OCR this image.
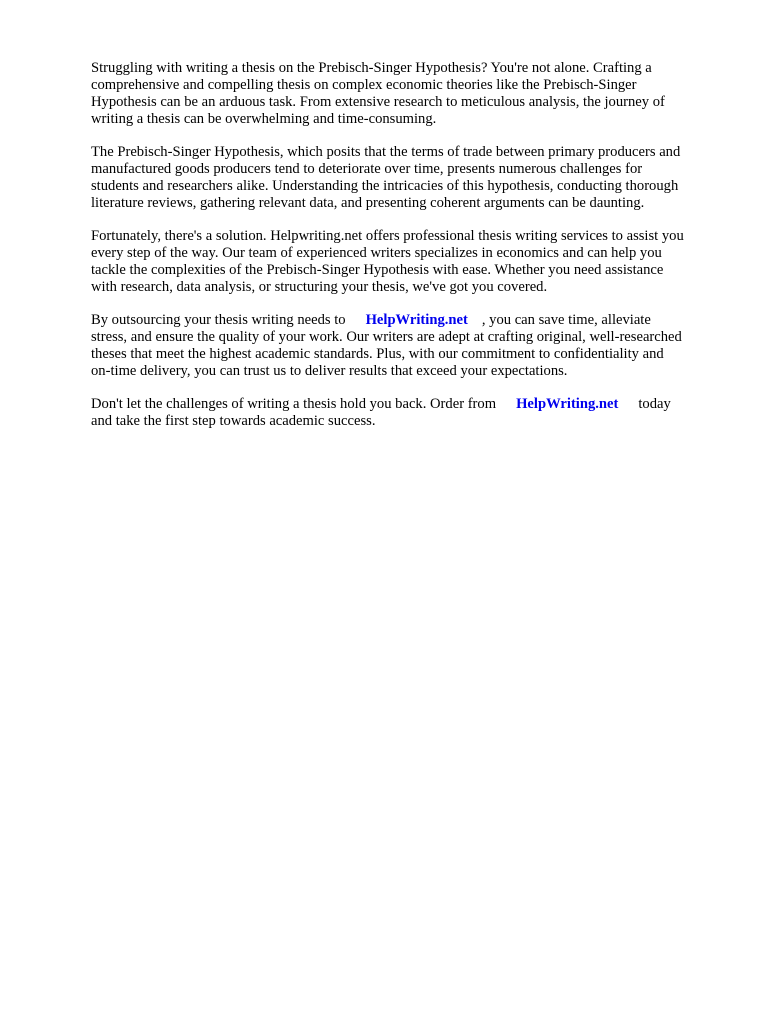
Struggling with writing a thesis on the Prebisch-Singer Hypothesis? You're not alone. Crafting a
comprehensive and compelling thesis on complex economic theories like the Prebisch-Singer
Hypothesis can be an arduous task. From extensive research to meticulous analysis, the journey of
writing a thesis can be overwhelming and time-consuming.

The Prebisch-Singer Hypothesis, which posits that the terms of trade between primary producers and
manufactured goods producers tend to deteriorate over time, presents numerous challenges for
students and researchers alike. Understanding the intricacies of this hypothesis, conducting thorough
literature reviews, gathering relevant data, and presenting coherent arguments can be daunting.

Fortunately, there's a solution. Helpwriting.net offers professional thesis writing services to assist you
every step of the way. Our team of experienced writers specializes in economics and can help you
tackle the complexities of the Prebisch-Singer Hypothesis with ease. Whether you need assistance
with research, data analysis, or structuring your thesis, we've got you covered.

By outsourcing your thesis writing needs to HelpWriting.net , you can save time, alleviate
stress, and ensure the quality of your work. Our writers are adept at crafting original, well-researched
theses that meet the highest academic standards. Plus, with our commitment to confidentiality and
on-time delivery, you can trust us to deliver results that exceed your expectations.

Don't let the challenges of writing a thesis hold you back. Order from HelpWriting.net today
and take the first step towards academic success.
